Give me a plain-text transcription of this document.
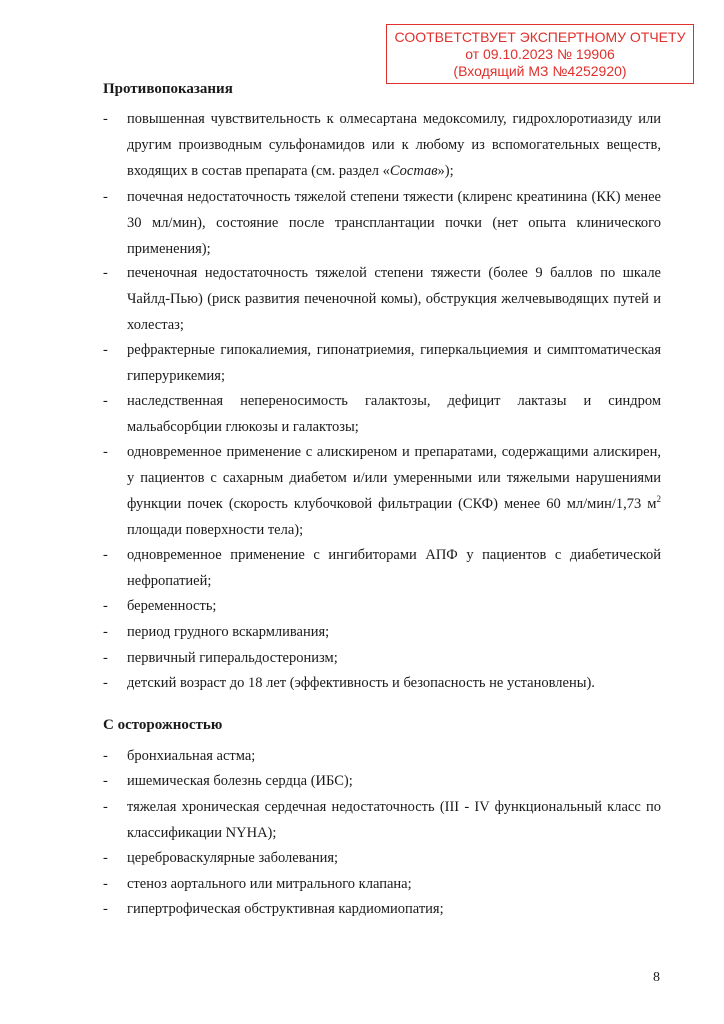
СООТВЕТСТВУЕТ ЭКСПЕРТНОМУ ОТЧЕТУ
от 09.10.2023 № 19906
(Входящий МЗ №4252920)
Противопоказания
- повышенная чувствительность к олмесартана медоксомилу, гидрохлоротиазиду или
другим производным сульфонамидов или к любому из вспомогательных веществ,
входящих в состав препарата (см. раздел «Состав»);
- почечная недостаточность тяжелой степени тяжести (клиренс креатинина (КК) менее
30 мл/мин), состояние после трансплантации почки (нет опыта клинического
применения);
- печеночная недостаточность тяжелой степени тяжести (более 9 баллов по шкале
Чайлд-Пью) (риск развития печеночной комы), обструкция желчевыводящих путей и
холестаз;
- рефрактерные гипокалиемия, гипонатриемия, гиперкальциемия и симптоматическая
гиперурикемия;
- наследственная непереносимость галактозы, дефицит лактазы и синдром
мальабсорбции глюкозы и галактозы;
- одновременное применение с алискиреном и препаратами, содержащими алискирен,
у пациентов с сахарным диабетом и/или умеренными или тяжелыми нарушениями
функции почек (скорость клубочковой фильтрации (СКФ) менее 60 мл/мин/1,73 $м^2$
площади поверхности тела);
- одновременное применение с ингибиторами АПФ у пациентов с диабетической
нефропатией;
- беременность;
- период грудного вскармливания;
- первичный гиперальдостеронизм;
- детский возраст до 18 лет (эффективность и безопасность не установлены).
С осторожностью
- бронхиальная астма;
- ишемическая болезнь сердца (ИБС);
- тяжелая хроническая сердечная недостаточность (III - IV функциональный класс по
классификации NYHA);
- цереброваскулярные заболевания;
- стеноз аортального или митрального клапана;
- гипертрофическая обструктивная кардиомиопатия;
8
